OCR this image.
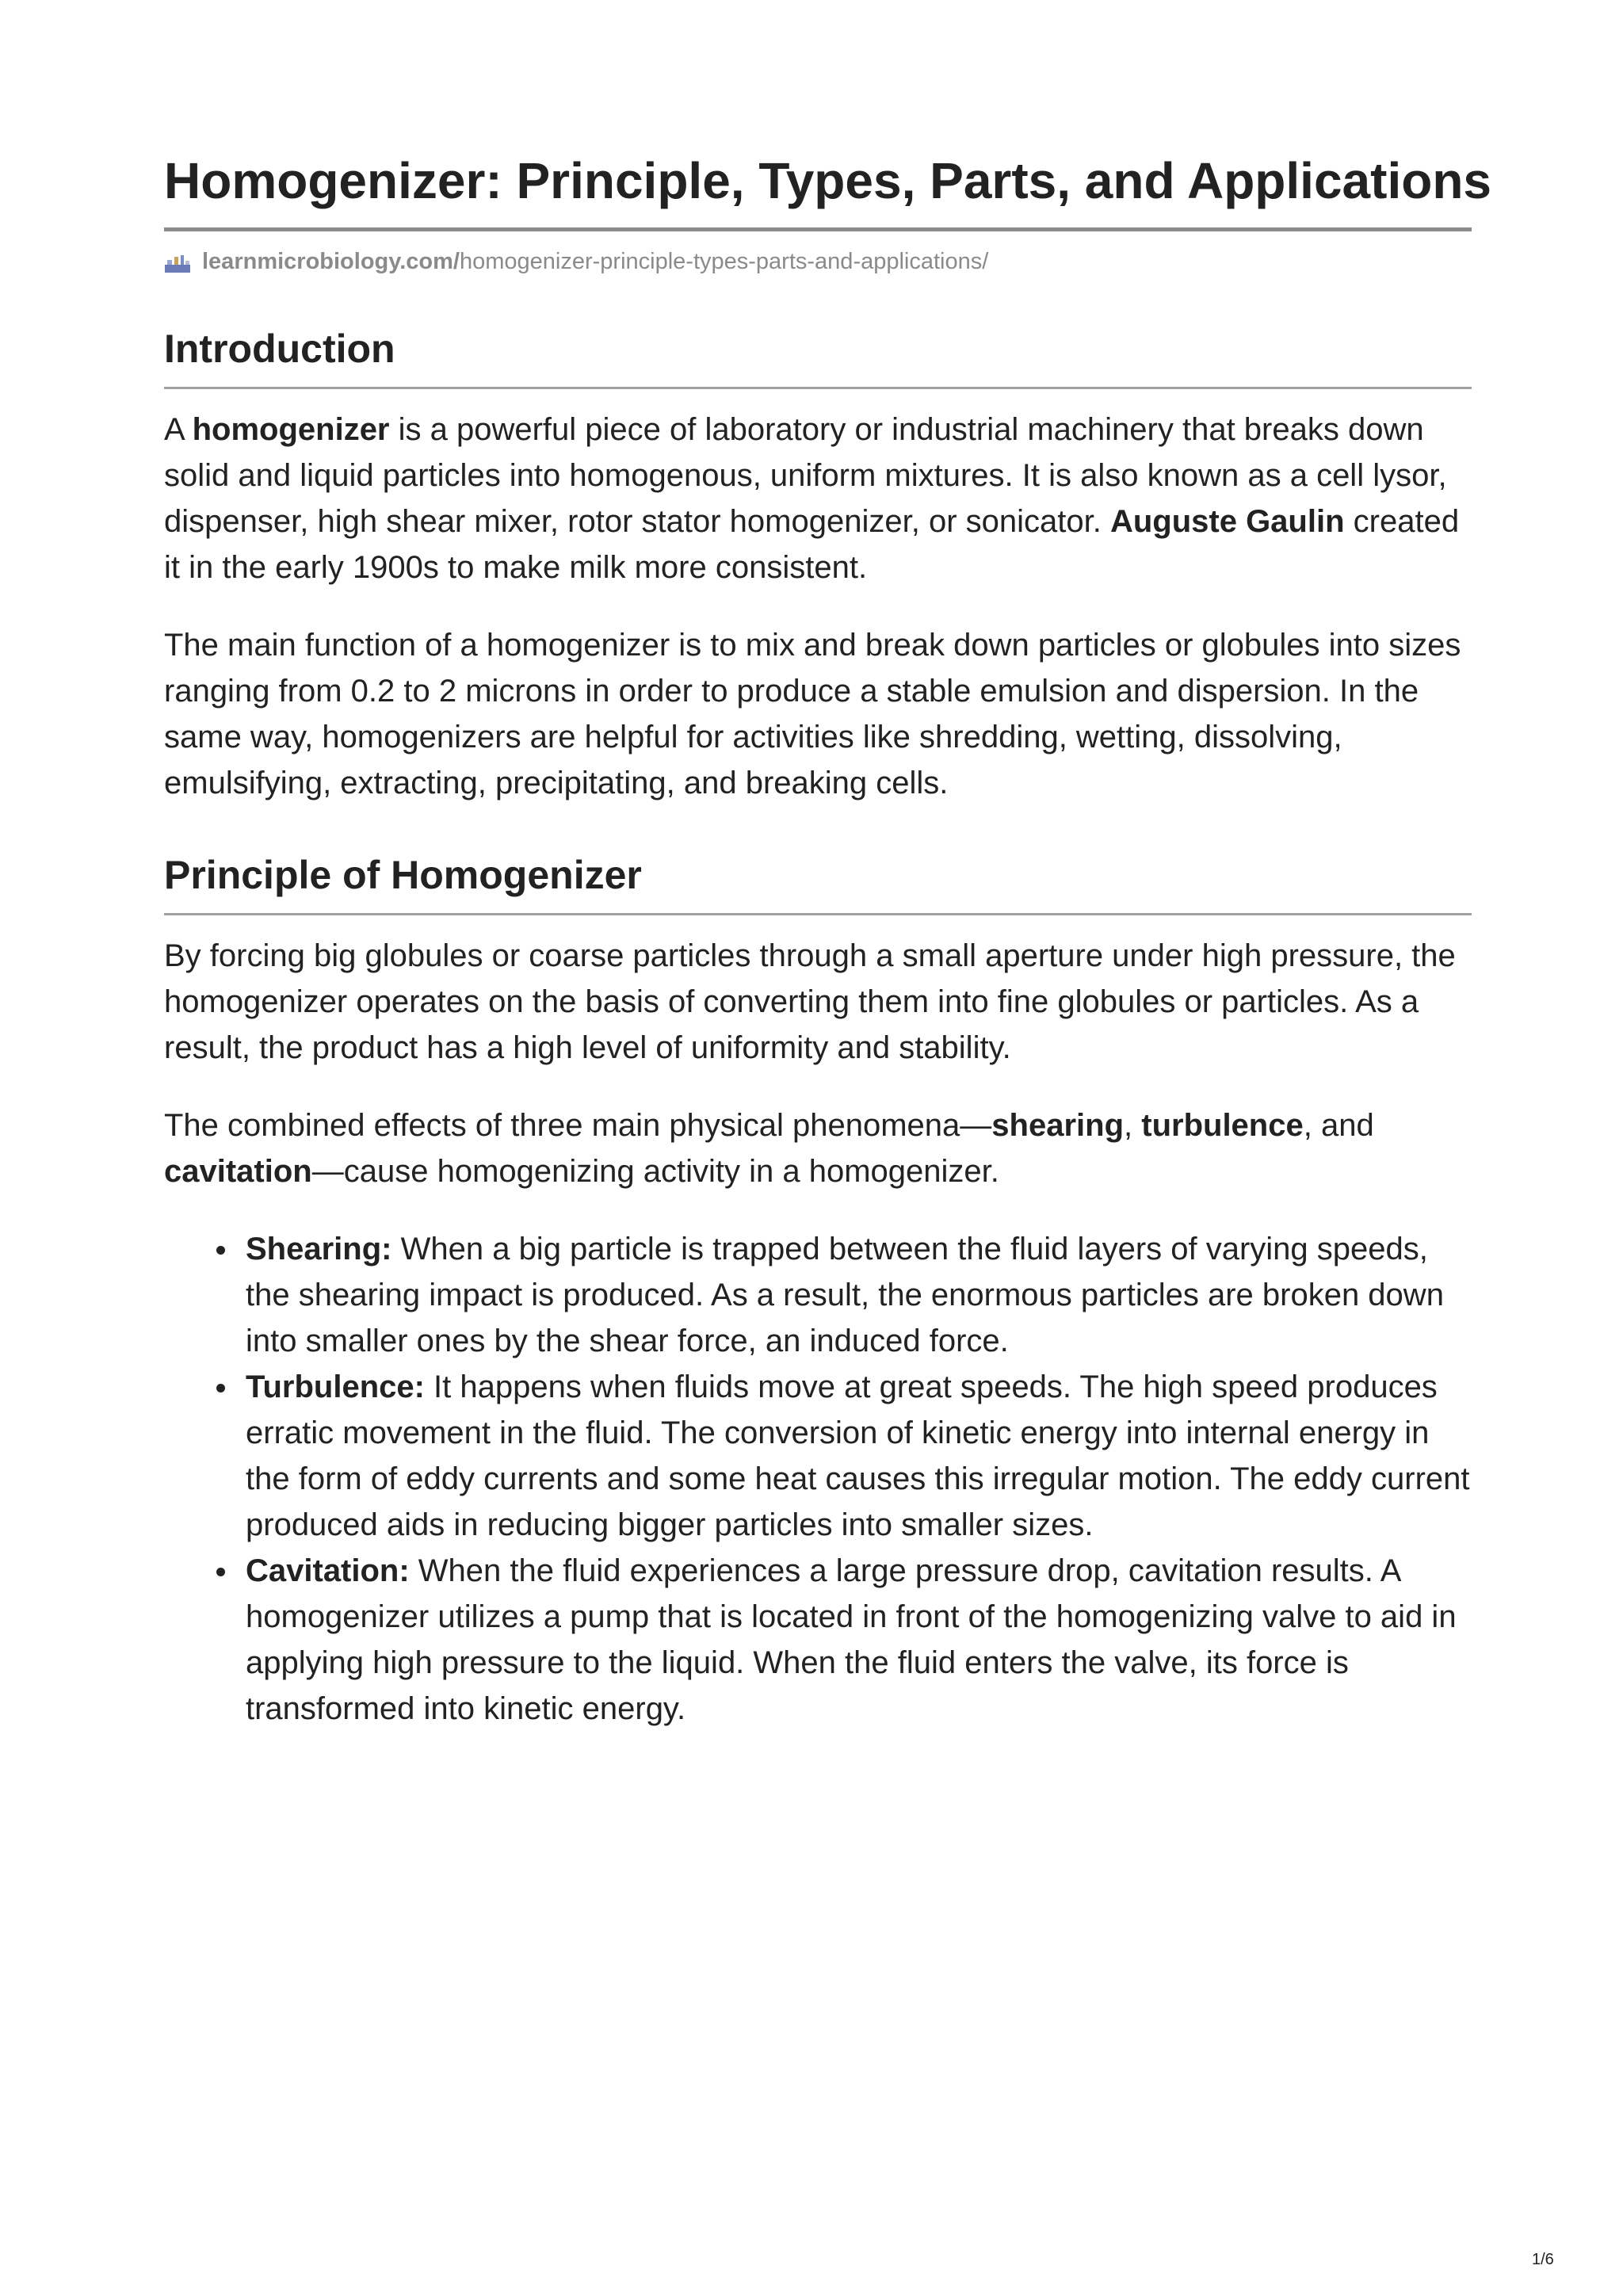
Homogenizer: Principle, Types, Parts, and Applications
learnmicrobiology.com/ homogenizer-principle-types-parts-and-applications/
Introduction

A homogenizer is a powerful piece of laboratory or industrial machinery that breaks down solid and liquid particles into homogenous, uniform mixtures. It is also known as a cell lysor, dispenser, high shear mixer, rotor stator homogenizer, or sonicator. Auguste Gaulin created it in the early 1900s to make milk more consistent.

The main function of a homogenizer is to mix and break down particles or globules into sizes ranging from 0.2 to 2 microns in order to produce a stable emulsion and dispersion. In the same way, homogenizers are helpful for activities like shredding, wetting, dissolving, emulsifying, extracting, precipitating, and breaking cells.

Principle of Homogenizer

By forcing big globules or coarse particles through a small aperture under high pressure, the homogenizer operates on the basis of converting them into fine globules or particles. As a result, the product has a high level of uniformity and stability.

The combined effects of three main physical phenomena—shearing, turbulence, and cavitation—cause homogenizing activity in a homogenizer.

Shearing: When a big particle is trapped between the fluid layers of varying speeds, the shearing impact is produced. As a result, the enormous particles are broken down into smaller ones by the shear force, an induced force.
Turbulence: It happens when fluids move at great speeds. The high speed produces erratic movement in the fluid. The conversion of kinetic energy into internal energy in the form of eddy currents and some heat causes this irregular motion. The eddy current produced aids in reducing bigger particles into smaller sizes.
Cavitation: When the fluid experiences a large pressure drop, cavitation results. A homogenizer utilizes a pump that is located in front of the homogenizing valve to aid in applying high pressure to the liquid. When the fluid enters the valve, its force is transformed into kinetic energy.
1/6
